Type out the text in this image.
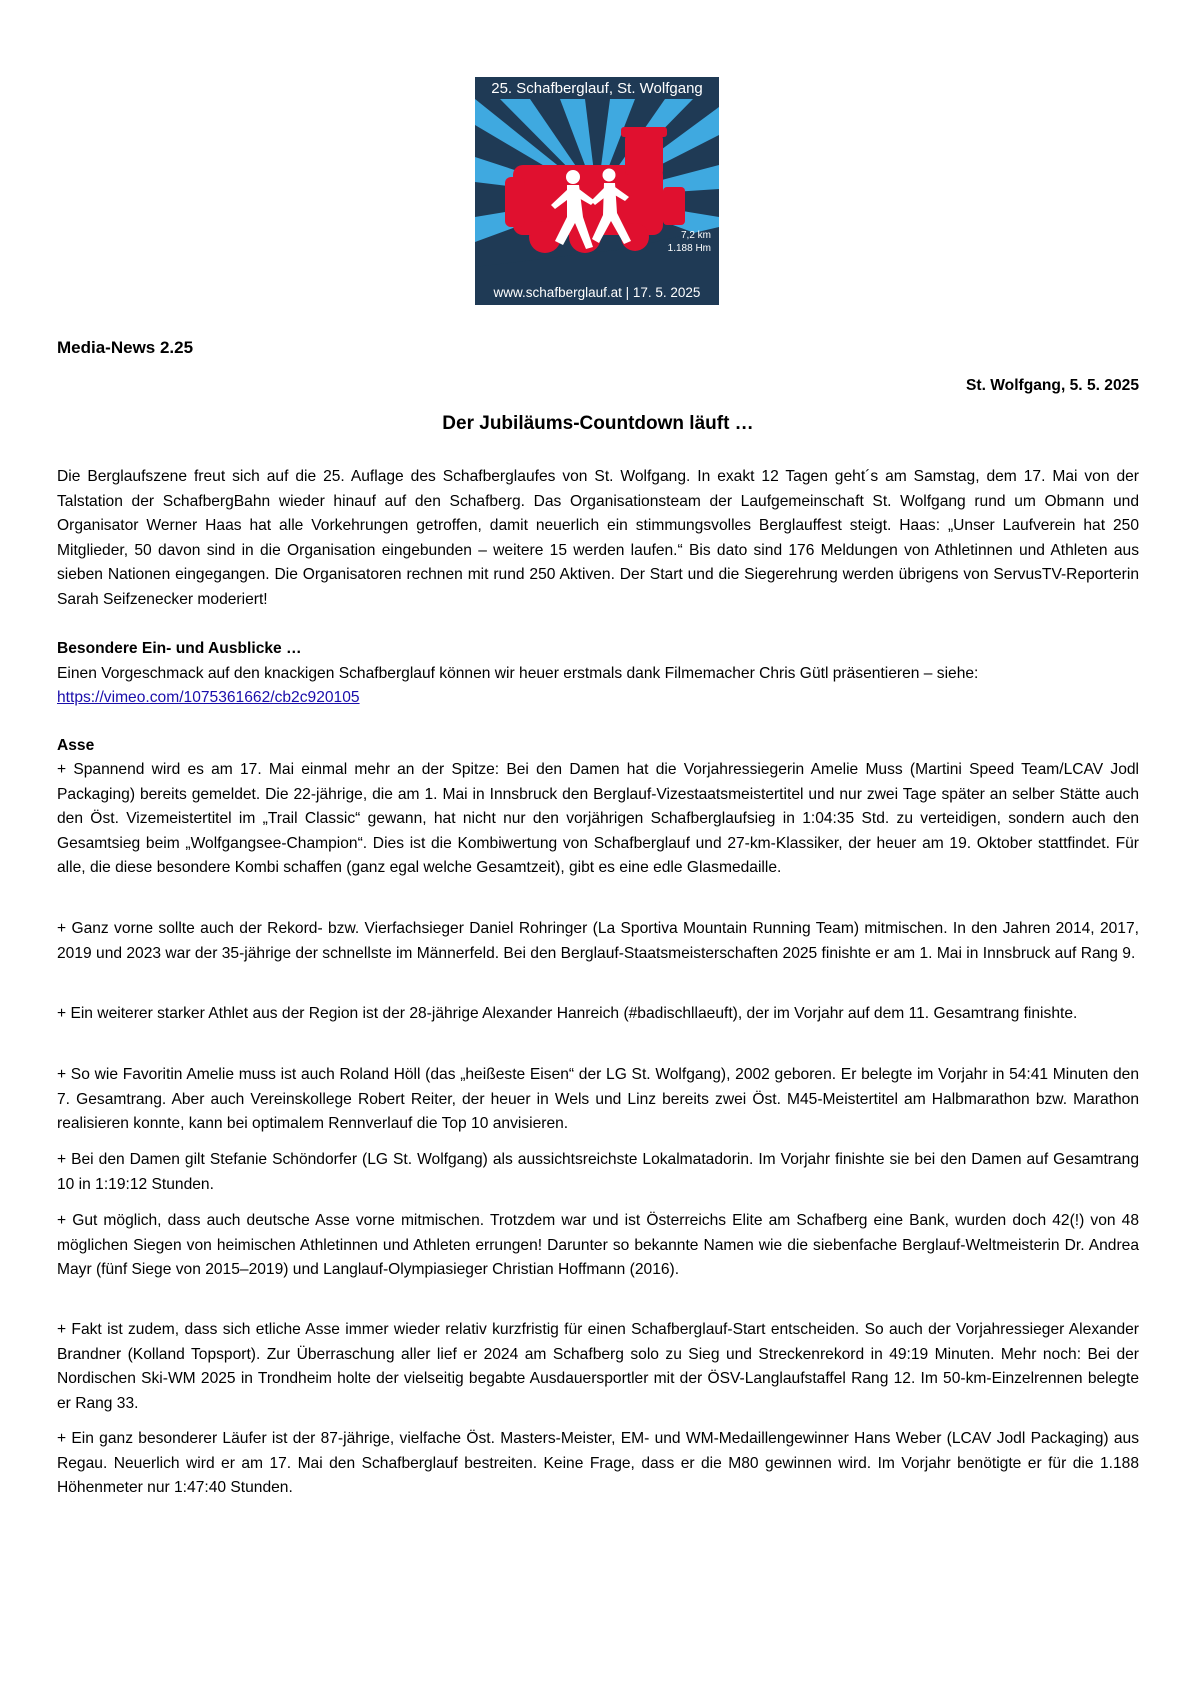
25. Schafberglauf, St. Wolfgang
7,2 km
1.188 Hm
www.schafberglauf.at | 17. 5. 2025
Media-News 2.25
St. Wolfgang, 5. 5. 2025
Der Jubiläums-Countdown läuft …
Die Berglaufszene freut sich auf die 25. Auflage des Schafberglaufes von St. Wolfgang. In exakt 12 Tagen geht´s am Samstag, dem 17. Mai von der Talstation der SchafbergBahn wieder hinauf auf den Schafberg. Das Organisationsteam der Laufgemeinschaft St. Wolfgang rund um Obmann und Organisator Werner Haas hat alle Vorkehrungen getroffen, damit neuerlich ein stimmungsvolles Berglauffest steigt. Haas: „Unser Laufverein hat 250 Mitglieder, 50 davon sind in die Organisation eingebunden – weitere 15 werden laufen.“ Bis dato sind 176 Meldungen von Athletinnen und Athleten aus sieben Nationen eingegangen. Die Organisatoren rechnen mit rund 250 Aktiven. Der Start und die Siegerehrung werden übrigens von ServusTV-Reporterin Sarah Seifzenecker moderiert!

Besondere Ein- und Ausblicke …

Einen Vorgeschmack auf den knackigen Schafberglauf können wir heuer erstmals dank Filmemacher Chris Gütl präsentieren – siehe:

https://vimeo.com/1075361662/cb2c920105

Asse

+ Spannend wird es am 17. Mai einmal mehr an der Spitze: Bei den Damen hat die Vorjahressiegerin Amelie Muss (Martini Speed Team/LCAV Jodl Packaging) bereits gemeldet. Die 22-jährige, die am 1. Mai in Innsbruck den Berglauf-Vizestaatsmeistertitel und nur zwei Tage später an selber Stätte auch den Öst. Vizemeistertitel im „Trail Classic“ gewann, hat nicht nur den vorjährigen Schafberglaufsieg in 1:04:35 Std. zu verteidigen, sondern auch den Gesamtsieg beim „Wolfgangsee-Champion“. Dies ist die Kombiwertung von Schafberglauf und 27-km-Klassiker, der heuer am 19. Oktober stattfindet. Für alle, die diese besondere Kombi schaffen (ganz egal welche Gesamtzeit), gibt es eine edle Glasmedaille.
+ Ganz vorne sollte auch der Rekord- bzw. Vierfachsieger Daniel Rohringer (La Sportiva Mountain Running Team) mitmischen. In den Jahren 2014, 2017, 2019 und 2023 war der 35-jährige der schnellste im Männerfeld. Bei den Berglauf-Staatsmeisterschaften 2025 finishte er am 1. Mai in Innsbruck auf Rang 9.
+ Ein weiterer starker Athlet aus der Region ist der 28-jährige Alexander Hanreich (#badischllaeuft), der im Vorjahr auf dem 11. Gesamtrang finishte.
+ So wie Favoritin Amelie muss ist auch Roland Höll (das „heißeste Eisen“ der LG St. Wolfgang), 2002 geboren. Er belegte im Vorjahr in 54:41 Minuten den 7. Gesamtrang. Aber auch Vereinskollege Robert Reiter, der heuer in Wels und Linz bereits zwei Öst. M45-Meistertitel am Halbmarathon bzw. Marathon realisieren konnte, kann bei optimalem Rennverlauf die Top 10 anvisieren.
+ Bei den Damen gilt Stefanie Schöndorfer (LG St. Wolfgang) als aussichtsreichste Lokalmatadorin. Im Vorjahr finishte sie bei den Damen auf Gesamtrang 10 in 1:19:12 Stunden.
+ Gut möglich, dass auch deutsche Asse vorne mitmischen. Trotzdem war und ist Österreichs Elite am Schafberg eine Bank, wurden doch 42(!) von 48 möglichen Siegen von heimischen Athletinnen und Athleten errungen! Darunter so bekannte Namen wie die siebenfache Berglauf-Weltmeisterin Dr. Andrea Mayr (fünf Siege von 2015–2019) und Langlauf-Olympiasieger Christian Hoffmann (2016).
+ Fakt ist zudem, dass sich etliche Asse immer wieder relativ kurzfristig für einen Schafberglauf-Start entscheiden. So auch der Vorjahressieger Alexander Brandner (Kolland Topsport). Zur Überraschung aller lief er 2024 am Schafberg solo zu Sieg und Streckenrekord in 49:19 Minuten. Mehr noch: Bei der Nordischen Ski-WM 2025 in Trondheim holte der vielseitig begabte Ausdauersportler mit der ÖSV-Langlaufstaffel Rang 12. Im 50-km-Einzelrennen belegte er Rang 33.
+ Ein ganz besonderer Läufer ist der 87-jährige, vielfache Öst. Masters-Meister, EM- und WM-Medaillengewinner Hans Weber (LCAV Jodl Packaging) aus Regau. Neuerlich wird er am 17. Mai den Schafberglauf bestreiten. Keine Frage, dass er die M80 gewinnen wird. Im Vorjahr benötigte er für die 1.188 Höhenmeter nur 1:47:40 Stunden.
